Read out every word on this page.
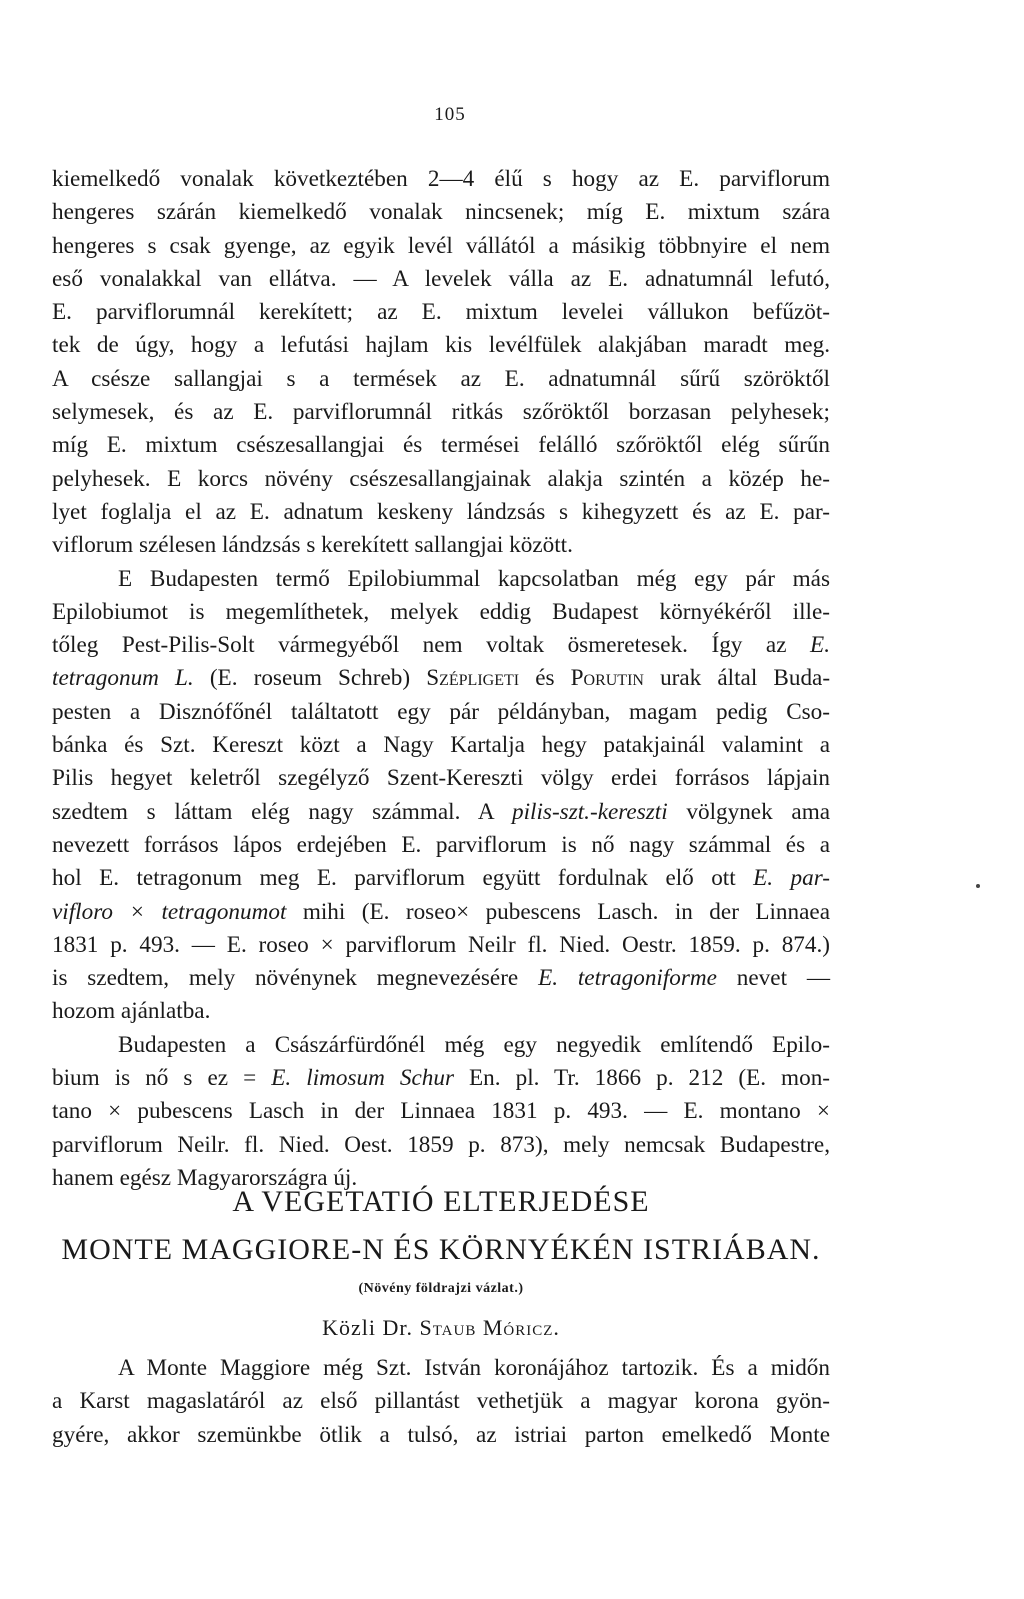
105

kiemelkedő vonalak következtében 2—4 élű s hogy az E. parviflorum
hengeres szárán kiemelkedő vonalak nincsenek; míg E. mixtum szára
hengeres s csak gyenge, az egyik levél vállától a másikig többnyire el nem
eső vonalakkal van ellátva. — A levelek válla az E. adnatumnál lefutó,
E. parviflorumnál kerekített; az E. mixtum levelei vállukon befűzöt-
tek de úgy, hogy a lefutási hajlam kis levélfülek alakjában maradt meg.
A csésze sallangjai s a termések az E. adnatumnál sűrű szöröktől
selymesek, és az E. parviflorumnál ritkás szőröktől borzasan pelyhesek;
míg E. mixtum csészesallangjai és termései felálló szőröktől elég sűrűn
pelyhesek. E korcs növény csészesallangjainak alakja szintén a közép he-
lyet foglalja el az E. adnatum keskeny lándzsás s kihegyzett és az E. par-
viflorum szélesen lándzsás s kerekített sallangjai között.

E Budapesten termő Epilobiummal kapcsolatban még egy pár más
Epilobiumot is megemlíthetek, melyek eddig Budapest környékéről ille-
tőleg Pest-Pilis-Solt vármegyéből nem voltak ösmeretesek. Így az E.
tetragonum L. (E. roseum Schreb) Szépligeti és Porutin urak által Buda-
pesten a Disznófőnél találtatott egy pár példányban, magam pedig Cso-
bánka és Szt. Kereszt közt a Nagy Kartalja hegy patakjainál valamint a
Pilis hegyet keletről szegélyző Szent-Kereszti völgy erdei forrásos lápjain
szedtem s láttam elég nagy számmal. A pilis-szt.-kereszti völgynek ama
nevezett forrásos lápos erdejében E. parviflorum is nő nagy számmal és a
hol E. tetragonum meg E. parviflorum együtt fordulnak elő ott E. par-
vifloro × tetragonumot mihi (E. roseo× pubescens Lasch. in der Linnaea
1831 p. 493. — E. roseo × parviflorum Neilr fl. Nied. Oestr. 1859. p. 874.)
is szedtem, mely növénynek megnevezésére E. tetragoniforme nevet —
hozom ajánlatba.

Budapesten a Császárfürdőnél még egy negyedik említendő Epilo-
bium is nő s ez = E. limosum Schur En. pl. Tr. 1866 p. 212 (E. mon-
tano × pubescens Lasch in der Linnaea 1831 p. 493. — E. montano ×
parviflorum Neilr. fl. Nied. Oest. 1859 p. 873), mely nemcsak Budapestre,
hanem egész Magyarországra új.

A VEGETATIÓ ELTERJEDÉSE
MONTE MAGGIORE-N ÉS KÖRNYÉKÉN ISTRIÁBAN.
(Növény földrajzi vázlat.)
Közli Dr. Staub Móricz.
A Monte Maggiore még Szt. István koronájához tartozik. És a midőn
a Karst magaslatáról az első pillantást vethetjük a magyar korona gyön-
gyére, akkor szemünkbe ötlik a tulsó, az istriai parton emelkedő Monte
